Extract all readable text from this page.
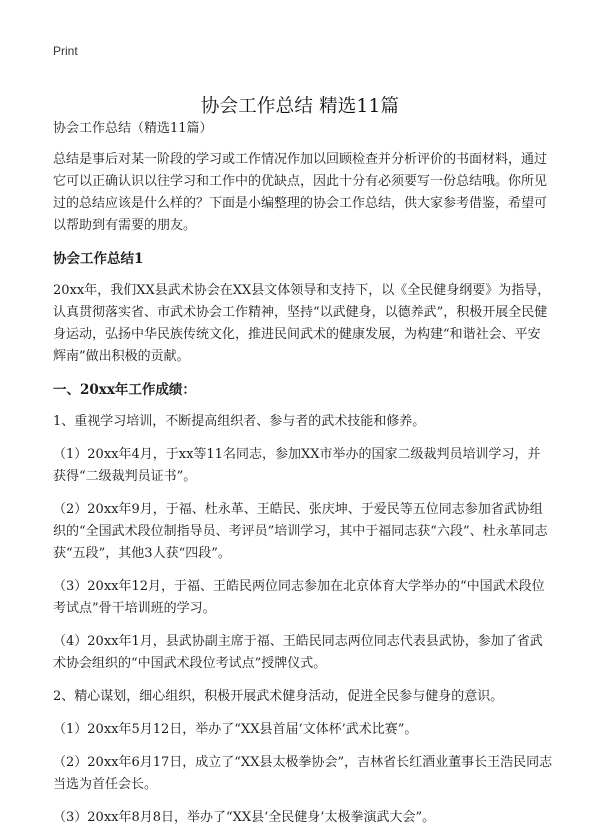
Print
协会工作总结 精选11篇

协会工作总结（精选11篇）

总结是事后对某一阶段的学习或工作情况作加以回顾检查并分析评价的书面材料，通过它可以正确认识以往学习和工作中的优缺点，因此十分有必须要写一份总结哦。你所见过的总结应该是什么样的？下面是小编整理的协会工作总结，供大家参考借鉴，希望可以帮助到有需要的朋友。

协会工作总结1

20xx年，我们XX县武术协会在XX县文体领导和支持下，以《全民健身纲要》为指导，认真贯彻落实省、市武术协会工作精神，坚持“以武健身，以德养武”，积极开展全民健身运动，弘扬中华民族传统文化，推进民间武术的健康发展，为构建“和谐社会、平安辉南”做出积极的贡献。

一、20xx年工作成绩：

1、重视学习培训，不断提高组织者、参与者的武术技能和修养。

（1）20xx年4月，于xx等11名同志，参加XX市举办的国家二级裁判员培训学习，并获得“二级裁判员证书”。

（2）20xx年9月，于福、杜永革、王皓民、张庆坤、于爱民等五位同志参加省武协组织的“全国武术段位制指导员、考评员”培训学习，其中于福同志获“六段”、杜永革同志获“五段”，其他3人获“四段”。

（3）20xx年12月，于福、王皓民两位同志参加在北京体育大学举办的“中国武术段位考试点”骨干培训班的学习。

（4）20xx年1月，县武协副主席于福、王皓民同志两位同志代表县武协，参加了省武术协会组织的“中国武术段位考试点”授牌仪式。

2、精心谋划，细心组织，积极开展武术健身活动，促进全民参与健身的意识。

（1）20xx年5月12日，举办了“XX县首届‘文体杯’武术比赛”。

（2）20xx年6月17日，成立了“XX县太极拳协会”，吉林省长红酒业董事长王浩民同志当选为首任会长。

（3）20xx年8月8日，举办了“XX县‘全民健身’太极拳演武大会”。
